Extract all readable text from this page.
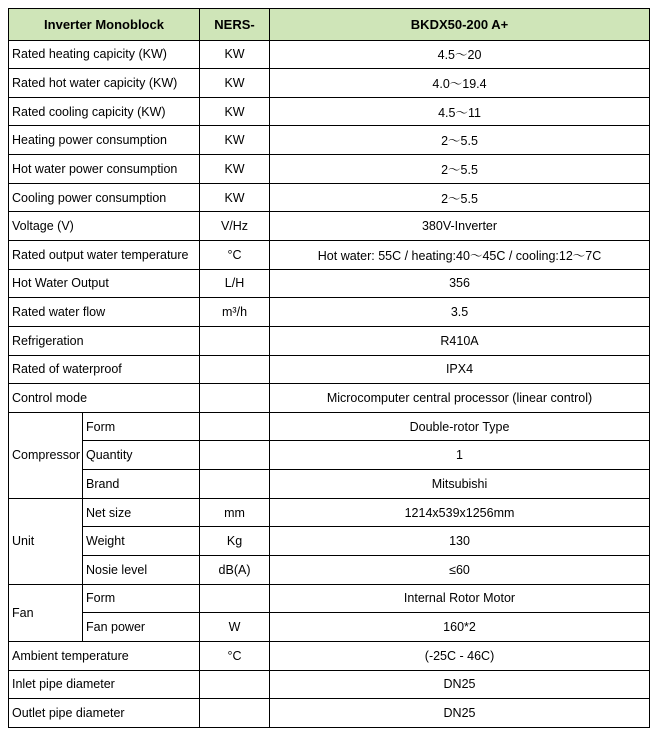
Inverter Monoblock		NERS-	BKDX50-200 A+
Rated heating capicity (KW)		KW	4.5～20
Rated hot water capicity (KW)		KW	4.0～19.4
Rated cooling capicity (KW)		KW	4.5～11
Heating power consumption		KW	2～5.5
Hot water power consumption		KW	2～5.5
Cooling power consumption		KW	2～5.5
Voltage (V)		V/Hz	380V-Inverter
Rated output water temperature		°C	Hot water: 55C / heating:40～45C / cooling:12～7C
Hot Water Output		L/H	356
Rated water flow		m³/h	3.5
Refrigeration			R410A
Rated of waterproof			IPX4
Control mode			Microcomputer central processor (linear control)
Compressor	Form		Double-rotor Type
	Quantity		1
	Brand		Mitsubishi
Unit	Net size	mm	1214x539x1256mm
	Weight	Kg	130
	Nosie level	dB(A)	≤60
Fan	Form		Internal Rotor Motor
	Fan power	W	160*2
Ambient temperature		°C	(-25C - 46C)
Inlet pipe diameter			DN25
Outlet pipe diameter			DN25
